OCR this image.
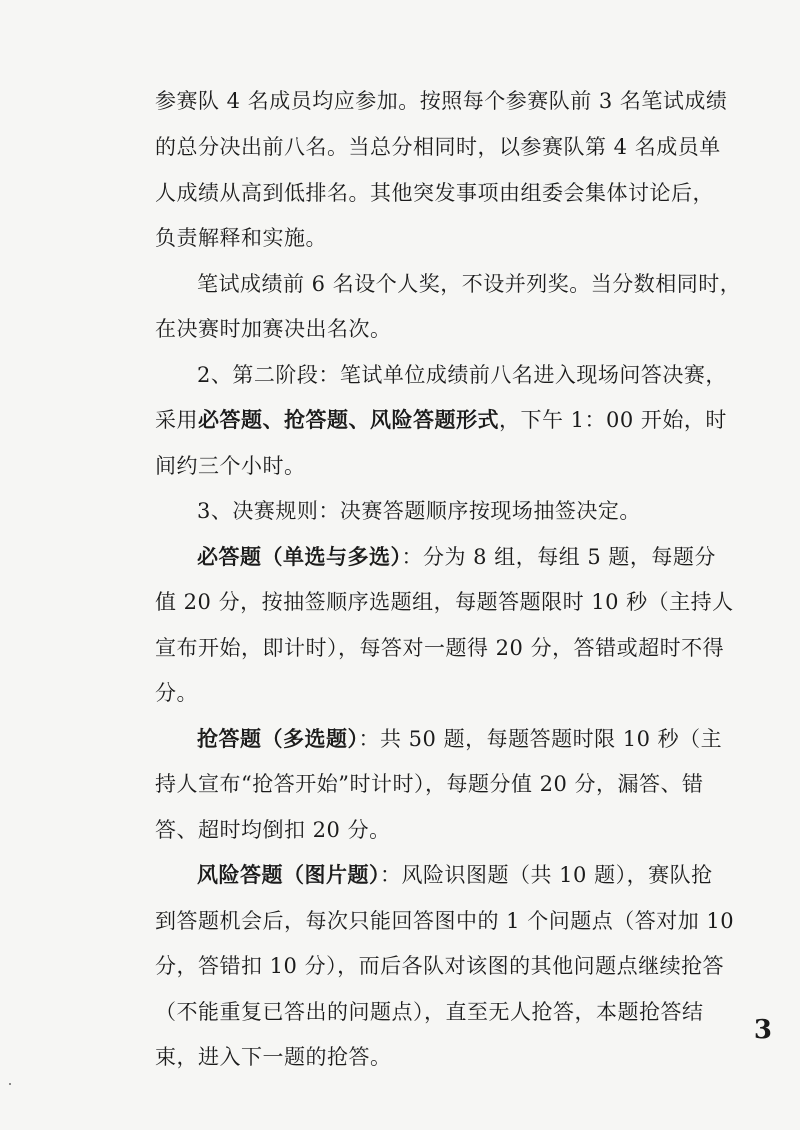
参赛队 4 名成员均应参加。按照每个参赛队前 3 名笔试成绩
的总分决出前八名。当总分相同时，以参赛队第 4 名成员单
人成绩从高到低排名。其他突发事项由组委会集体讨论后，
负责解释和实施。
笔试成绩前 6 名设个人奖，不设并列奖。当分数相同时，
在决赛时加赛决出名次。
2、第二阶段：笔试单位成绩前八名进入现场问答决赛，
采用必答题、抢答题、风险答题形式，下午 1：00 开始，时
间约三个小时。
3、决赛规则：决赛答题顺序按现场抽签决定。
必答题（单选与多选）：分为 8 组，每组 5 题，每题分
值 20 分，按抽签顺序选题组，每题答题限时 10 秒（主持人
宣布开始，即计时），每答对一题得 20 分，答错或超时不得
分。
抢答题（多选题）：共 50 题，每题答题时限 10 秒（主
持人宣布“抢答开始”时计时），每题分值 20 分，漏答、错
答、超时均倒扣 20 分。
风险答题（图片题）：风险识图题（共 10 题），赛队抢
到答题机会后，每次只能回答图中的 1 个问题点（答对加 10
分，答错扣 10 分），而后各队对该图的其他问题点继续抢答
（不能重复已答出的问题点），直至无人抢答，本题抢答结
束，进入下一题的抢答。
3
